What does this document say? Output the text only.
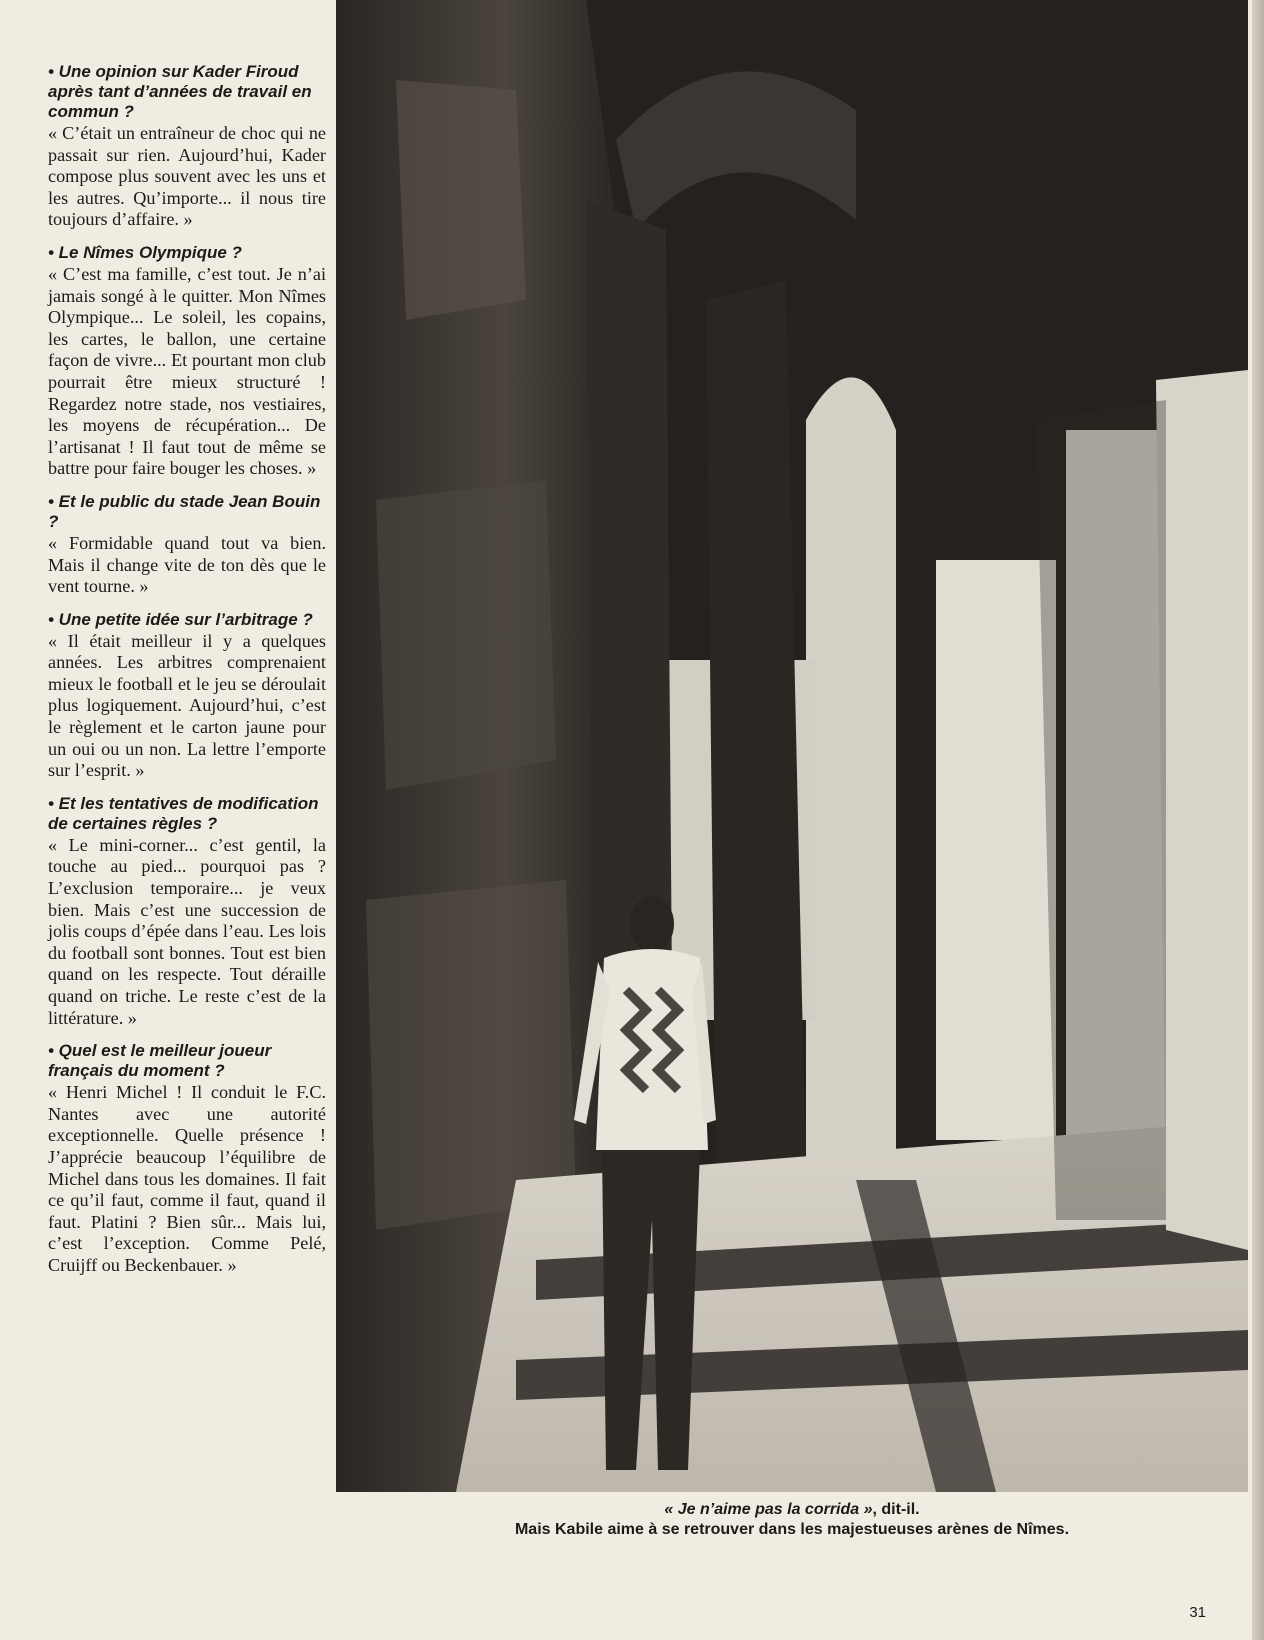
• Une opinion sur Kader Firoud après tant d’années de travail en commun ?

« C’était un entraîneur de choc qui ne passait sur rien. Aujourd’hui, Kader compose plus souvent avec les uns et les autres. Qu’importe... il nous tire toujours d’affaire. »

• Le Nîmes Olympique ?

« C’est ma famille, c’est tout. Je n’ai jamais songé à le quitter. Mon Nîmes Olympique... Le soleil, les copains, les cartes, le ballon, une certaine façon de vivre... Et pourtant mon club pourrait être mieux structuré ! Regardez notre stade, nos vestiaires, les moyens de récupération... De l’artisanat ! Il faut tout de même se battre pour faire bouger les choses. »

• Et le public du stade Jean Bouin ?

« Formidable quand tout va bien. Mais il change vite de ton dès que le vent tourne. »

• Une petite idée sur l’arbitrage ?

« Il était meilleur il y a quelques années. Les arbitres comprenaient mieux le football et le jeu se déroulait plus logiquement. Aujourd’hui, c’est le règlement et le carton jaune pour un oui ou un non. La lettre l’emporte sur l’esprit. »

• Et les tentatives de modification de certaines règles ?

« Le mini-corner... c’est gentil, la touche au pied... pourquoi pas ? L’exclusion temporaire... je veux bien. Mais c’est une succession de jolis coups d’épée dans l’eau. Les lois du football sont bonnes. Tout est bien quand on les respecte. Tout déraille quand on triche. Le reste c’est de la littérature. »

• Quel est le meilleur joueur français du moment ?

« Henri Michel ! Il conduit le F.C. Nantes avec une autorité exceptionnelle. Quelle présence ! J’apprécie beaucoup l’équilibre de Michel dans tous les domaines. Il fait ce qu’il faut, comme il faut, quand il faut. Platini ? Bien sûr... Mais lui, c’est l’exception. Comme Pelé, Cruijff ou Beckenbauer. »

« Je n’aime pas la corrida », dit-il.
Mais Kabile aime à se retrouver dans les majestueuses arènes de Nîmes.
31
